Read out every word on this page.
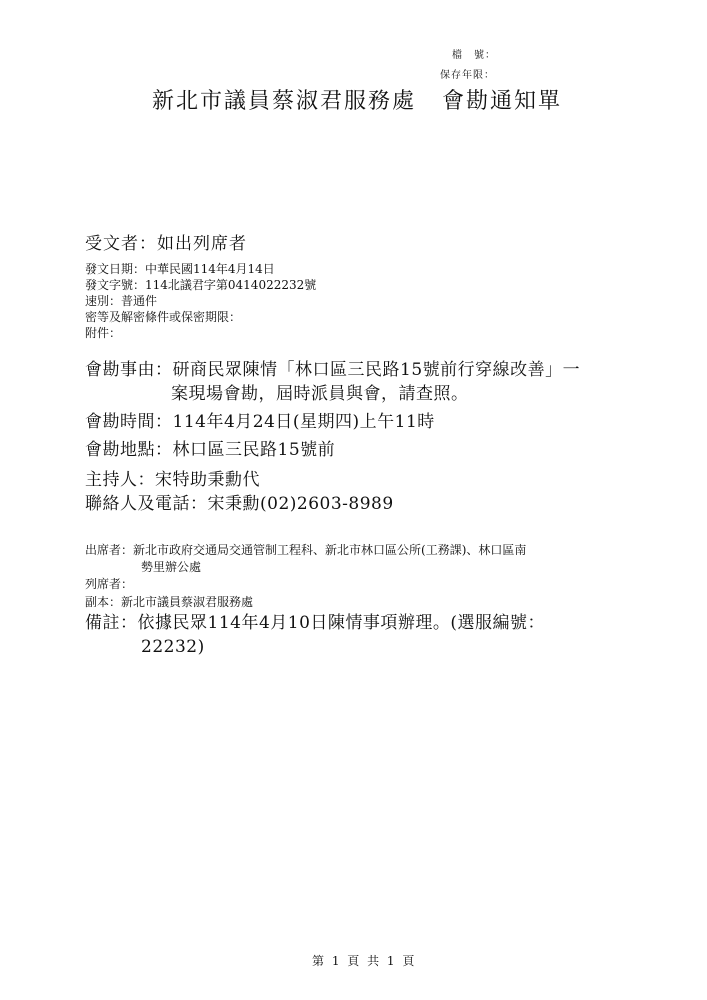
檔　號：
保存年限：
新北市議員蔡淑君服務處 會勘通知單
受文者：如出列席者
發文日期：中華民國114年4月14日
發文字號：114北議君字第0414022232號
速別：普通件
密等及解密條件或保密期限：
附件：
會勘事由：研商民眾陳情「林口區三民路15號前行穿線改善」一
案現場會勘，屆時派員與會，請查照。
會勘時間：114年4月24日(星期四)上午11時
會勘地點：林口區三民路15號前
主持人：宋特助秉勳代
聯絡人及電話：宋秉勳(02)2603-8989
出席者：新北市政府交通局交通管制工程科、新北市林口區公所(工務課)、林口區南
勢里辦公處
列席者：
副本：新北市議員蔡淑君服務處
備註：依據民眾114年4月10日陳情事項辦理。(選服編號：
22232)
第 1 頁 共 1 頁
